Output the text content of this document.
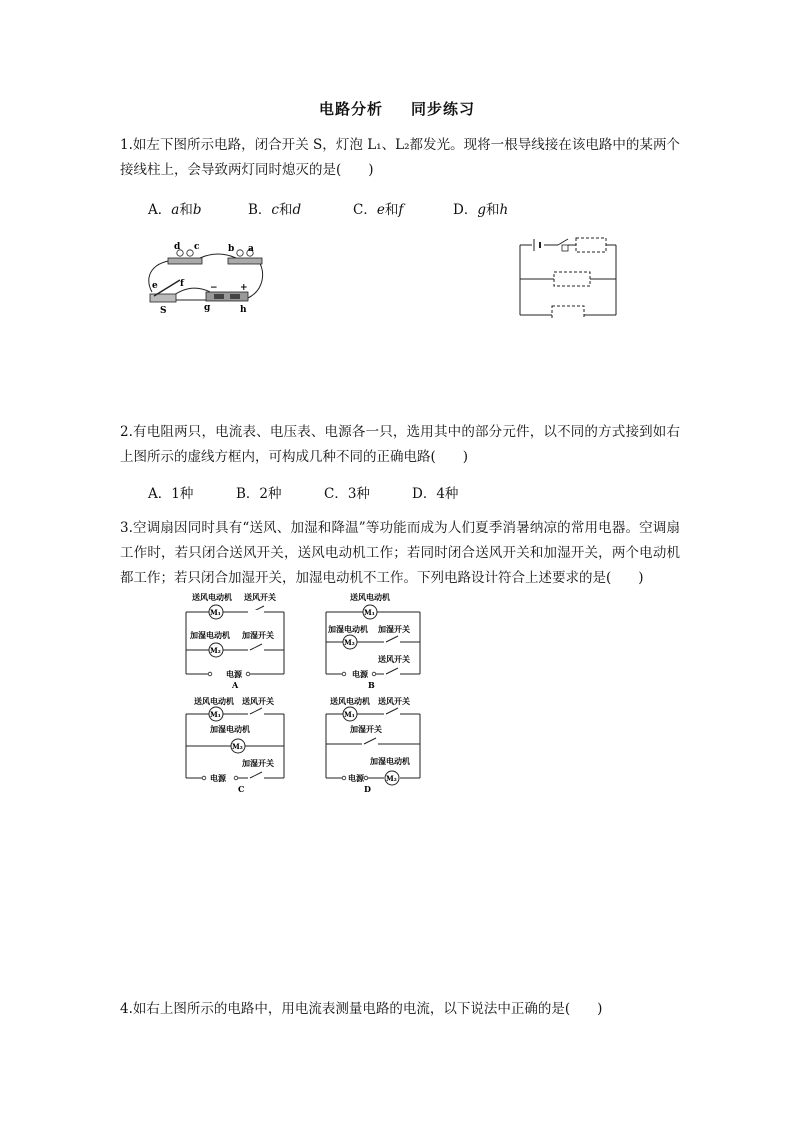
电路分析 同步练习
1.如左下图所示电路，闭合开关 S，灯泡 L₁、L₂都发光。现将一根导线接在该电路中的某两个接线柱上，会导致两灯同时熄灭的是(　　)
A．a和b	B．c和d	C．e和f	D．g和h
d c	b a
e f
S	g	h
− +
2.有电阻两只，电流表、电压表、电源各一只，选用其中的部分元件，以不同的方式接到如右上图所示的虚线方框内，可构成几种不同的正确电路(　　)
A．1种	B．2种	C．3种	D．4种
3.空调扇因同时具有“送风、加湿和降温”等功能而成为人们夏季消暑纳凉的常用电器。空调扇工作时，若只闭合送风开关，送风电动机工作；若同时闭合送风开关和加湿开关，两个电动机都工作；若只闭合加湿开关，加湿电动机不工作。下列电路设计符合上述要求的是(　　)
送风电动机 送风开关
M₁
加湿电动机 加湿开关
M₂
电源
A
送风电动机
M₁
加湿电动机 加湿开关
M₂
送风开关
电源
B
送风电动机 送风开关
M₁
加湿电动机
M₂
加湿开关
电源
C
送风电动机 送风开关
M₁
加湿开关
加湿电动机
电源	M₂
D
4.如右上图所示的电路中，用电流表测量电路的电流，以下说法中正确的是(　　)
